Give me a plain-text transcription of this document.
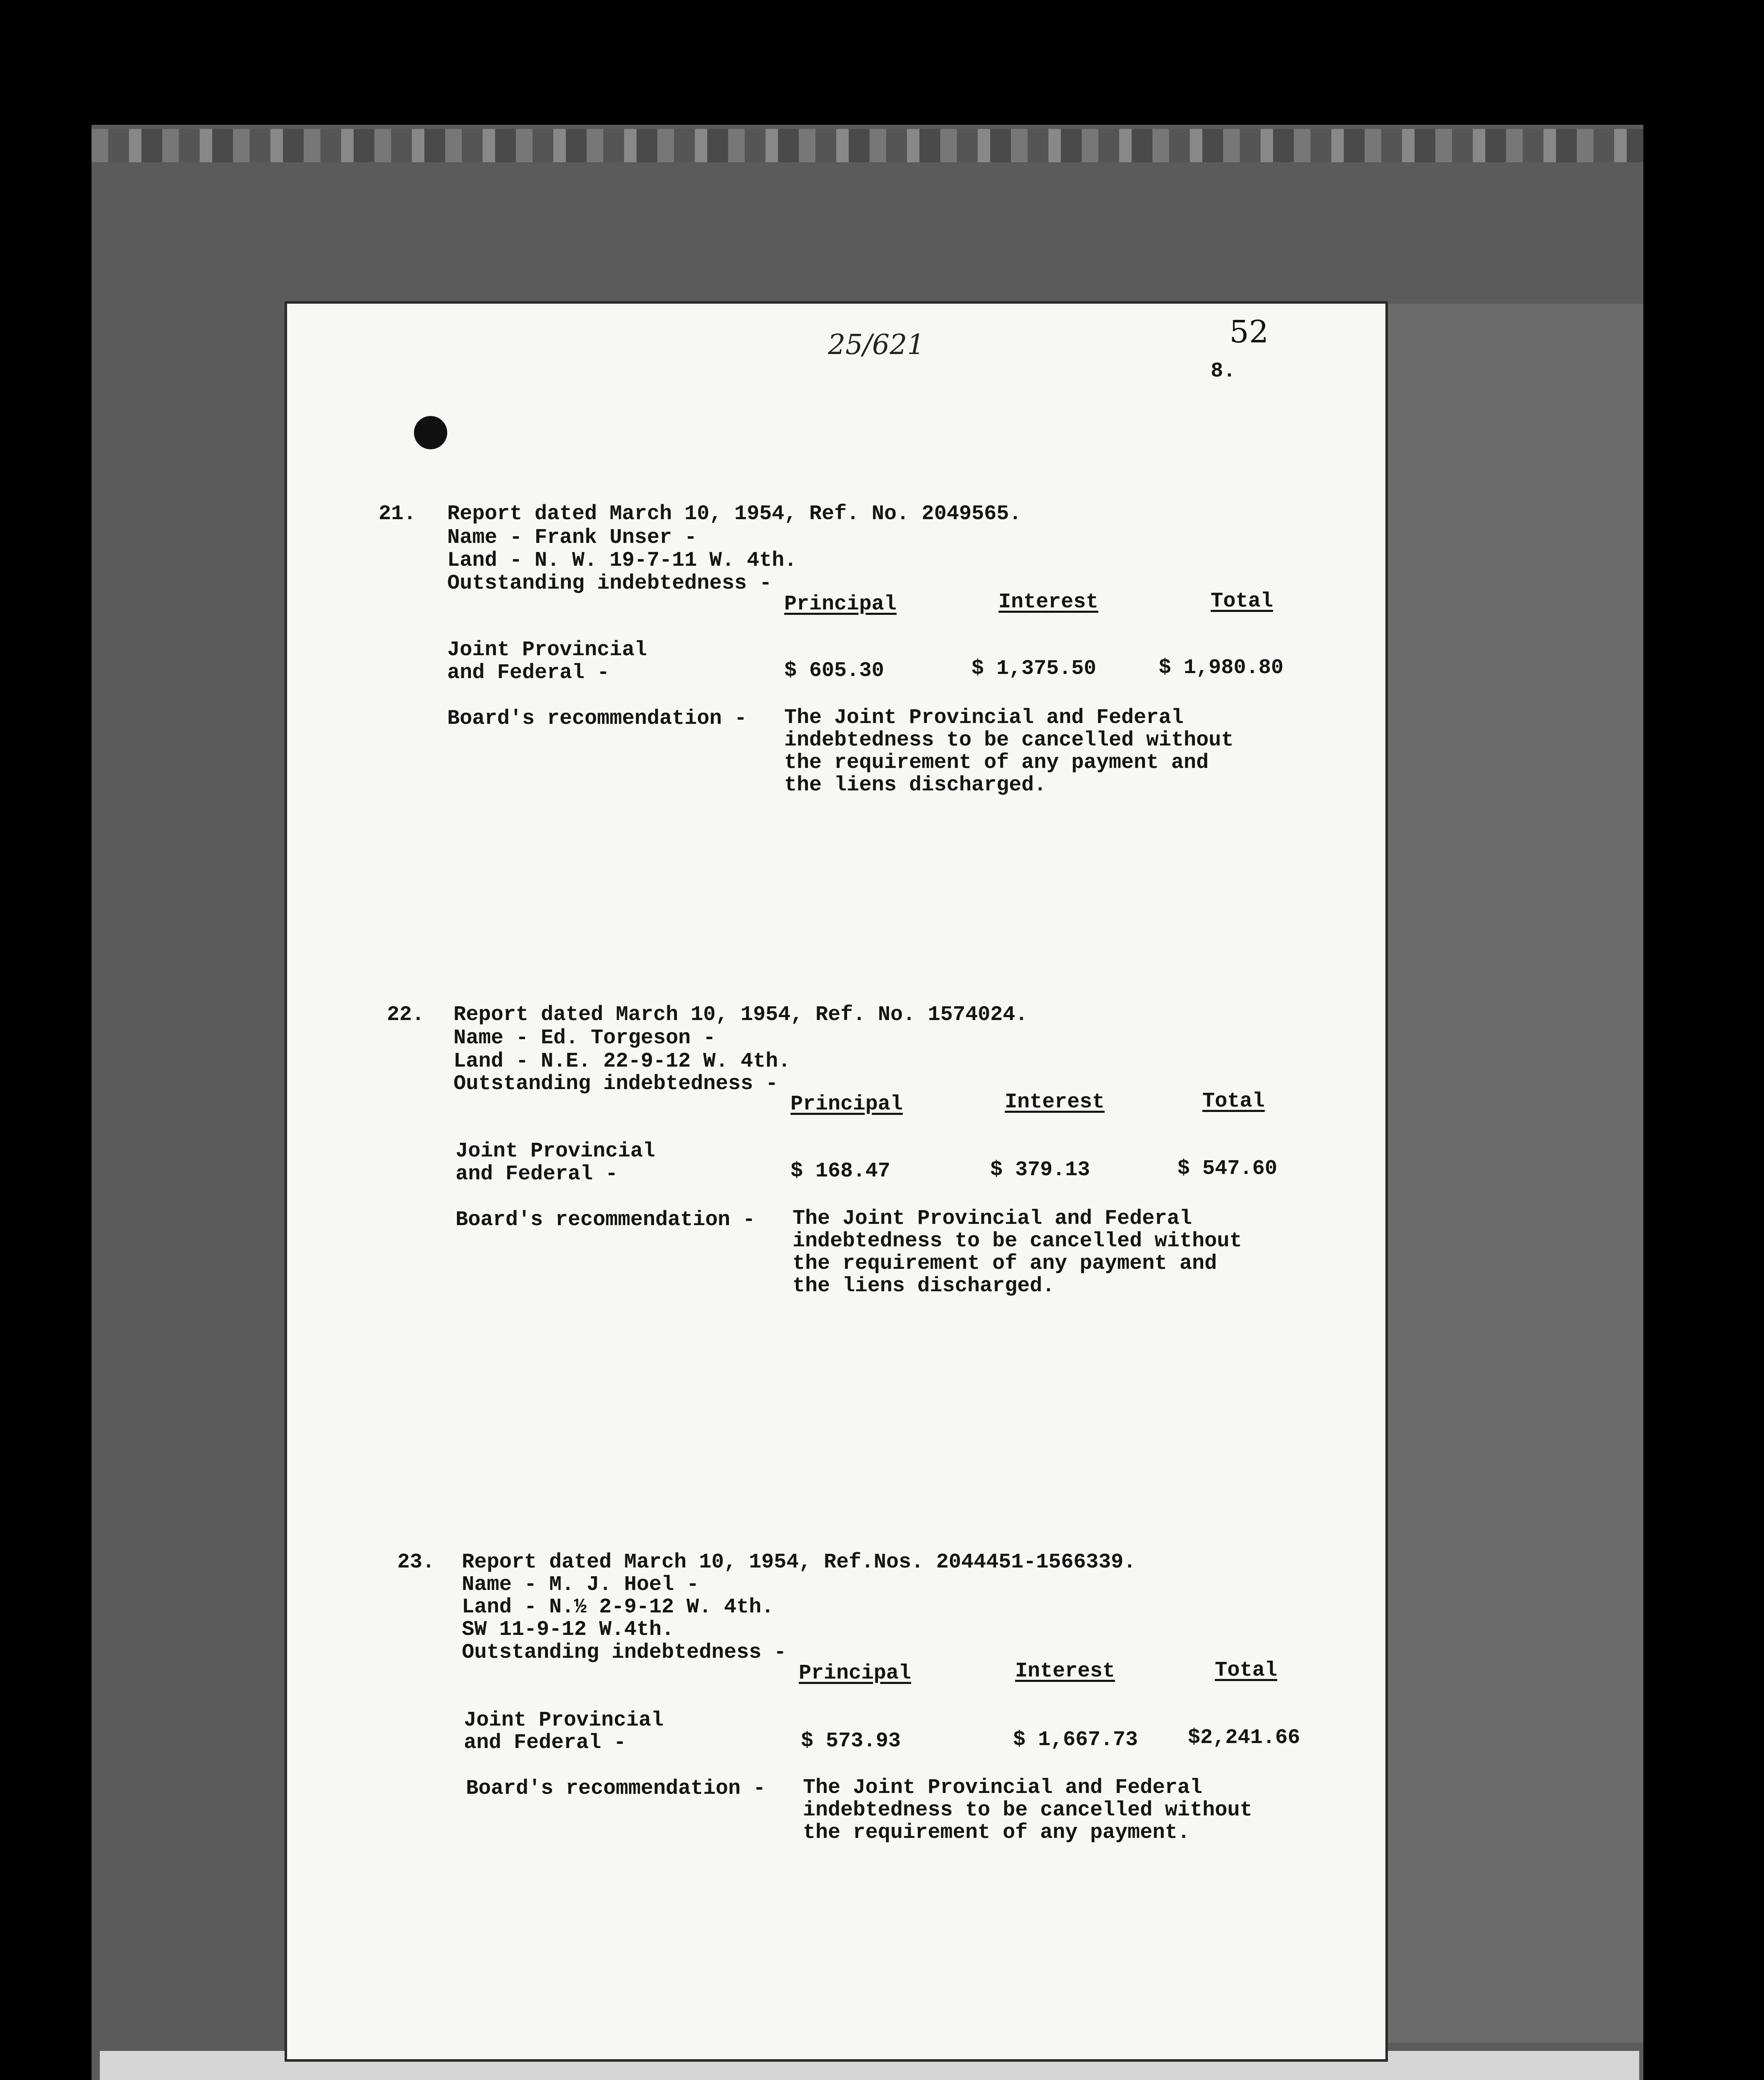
25/621	52
8.
21. Report dated March 10, 1954, Ref. No. 2049565.
Name - Frank Unser -
Land - N. W. 19-7-11 W. 4th.
Outstanding indebtedness -
Principal	Interest	Total
Joint Provincial
and Federal -	$ 605.30	$ 1,375.50	$ 1,980.80
Board's recommendation - The Joint Provincial and Federal
indebtedness to be cancelled without
the requirement of any payment and
the liens discharged.
22. Report dated March 10, 1954, Ref. No. 1574024.
Name - Ed. Torgeson -
Land - N.E. 22-9-12 W. 4th.
Outstanding indebtedness -
Principal	Interest	Total
Joint Provincial
and Federal -	$ 168.47	$ 379.13	$ 547.60
Board's recommendation - The Joint Provincial and Federal
indebtedness to be cancelled without
the requirement of any payment and
the liens discharged.
23. Report dated March 10, 1954, Ref.Nos. 2044451-1566339.
Name - M. J. Hoel -
Land - N.½ 2-9-12 W. 4th.
SW 11-9-12 W.4th.
Outstanding indebtedness -
Principal	Interest	Total
Joint Provincial
and Federal -	$ 573.93	$ 1,667.73 $2,241.66
Board's recommendation - The Joint Provincial and Federal
indebtedness to be cancelled without
the requirement of any payment.
